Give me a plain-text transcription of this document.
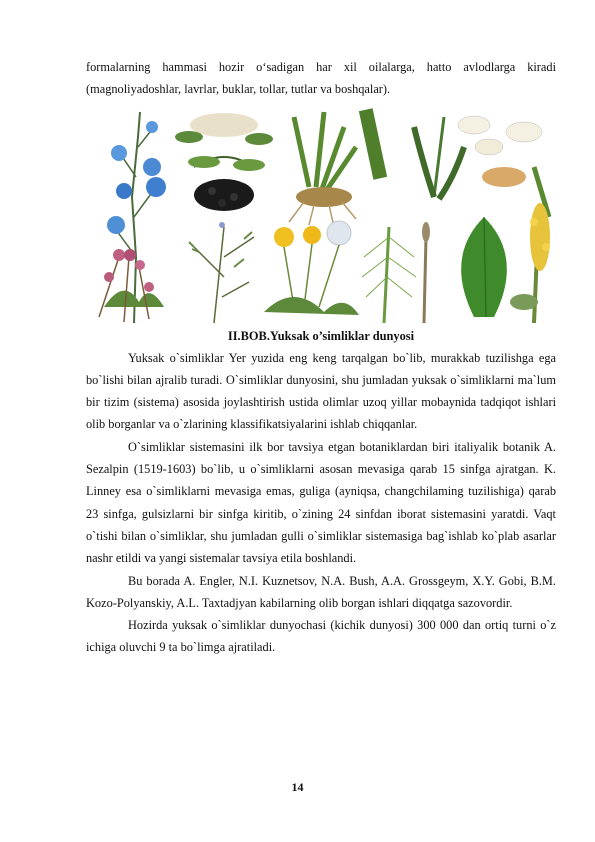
formalarning hammasi hozir o‘sadigan har xil oilalarga, hatto avlodlarga kiradi (magnoliyadoshlar, lavrlar, buklar, tollar, tutlar va boshqalar).

II.BOB.Yuksak o’simliklar dunyosi

Yuksak o`simliklar Yer yuzida eng keng tarqalgan bo`lib, murakkab tuzilishga ega bo`lishi bilan ajralib turadi. O`simliklar dunyosini, shu jumladan yuksak o`simliklarni ma`lum bir tizim (sistema) asosida joylashtirish ustida olimlar uzoq yillar mobaynida tadqiqot ishlari olib borganlar va o`zlarining klassifikatsiyalarini ishlab chiqqanlar.

O`simliklar sistemasini ilk bor tavsiya etgan botaniklardan biri italiyalik botanik A. Sezalpin (1519-1603) bo`lib, u o`simliklarni asosan mevasiga qarab 15 sinfga ajratgan. K. Linney esa o`simliklarni mevasiga emas, guliga (ayniqsa, changchilaming tuzilishiga) qarab 23 sinfga, gulsizlarni bir sinfga kiritib, o`zining 24 sinfdan iborat sistemasini yaratdi. Vaqt o`tishi bilan o`simliklar, shu jumladan gulli o`simliklar sistemasiga bag`ishlab ko`plab asarlar nashr etildi va yangi sistemalar tavsiya etila boshlandi.

Bu borada A. Engler, N.I. Kuznetsov, N.A. Bush, A.A. Grossgeym, X.Y. Gobi, B.M. Kozo-Polyanskiy, A.L. Taxtadjyan kabilarning olib borgan ishlari diqqatga sazovordir.

Hozirda yuksak o`simliklar dunyochasi (kichik dunyosi) 300 000 dan ortiq turni o`z ichiga oluvchi 9 ta bo`limga ajratiladi.

14
